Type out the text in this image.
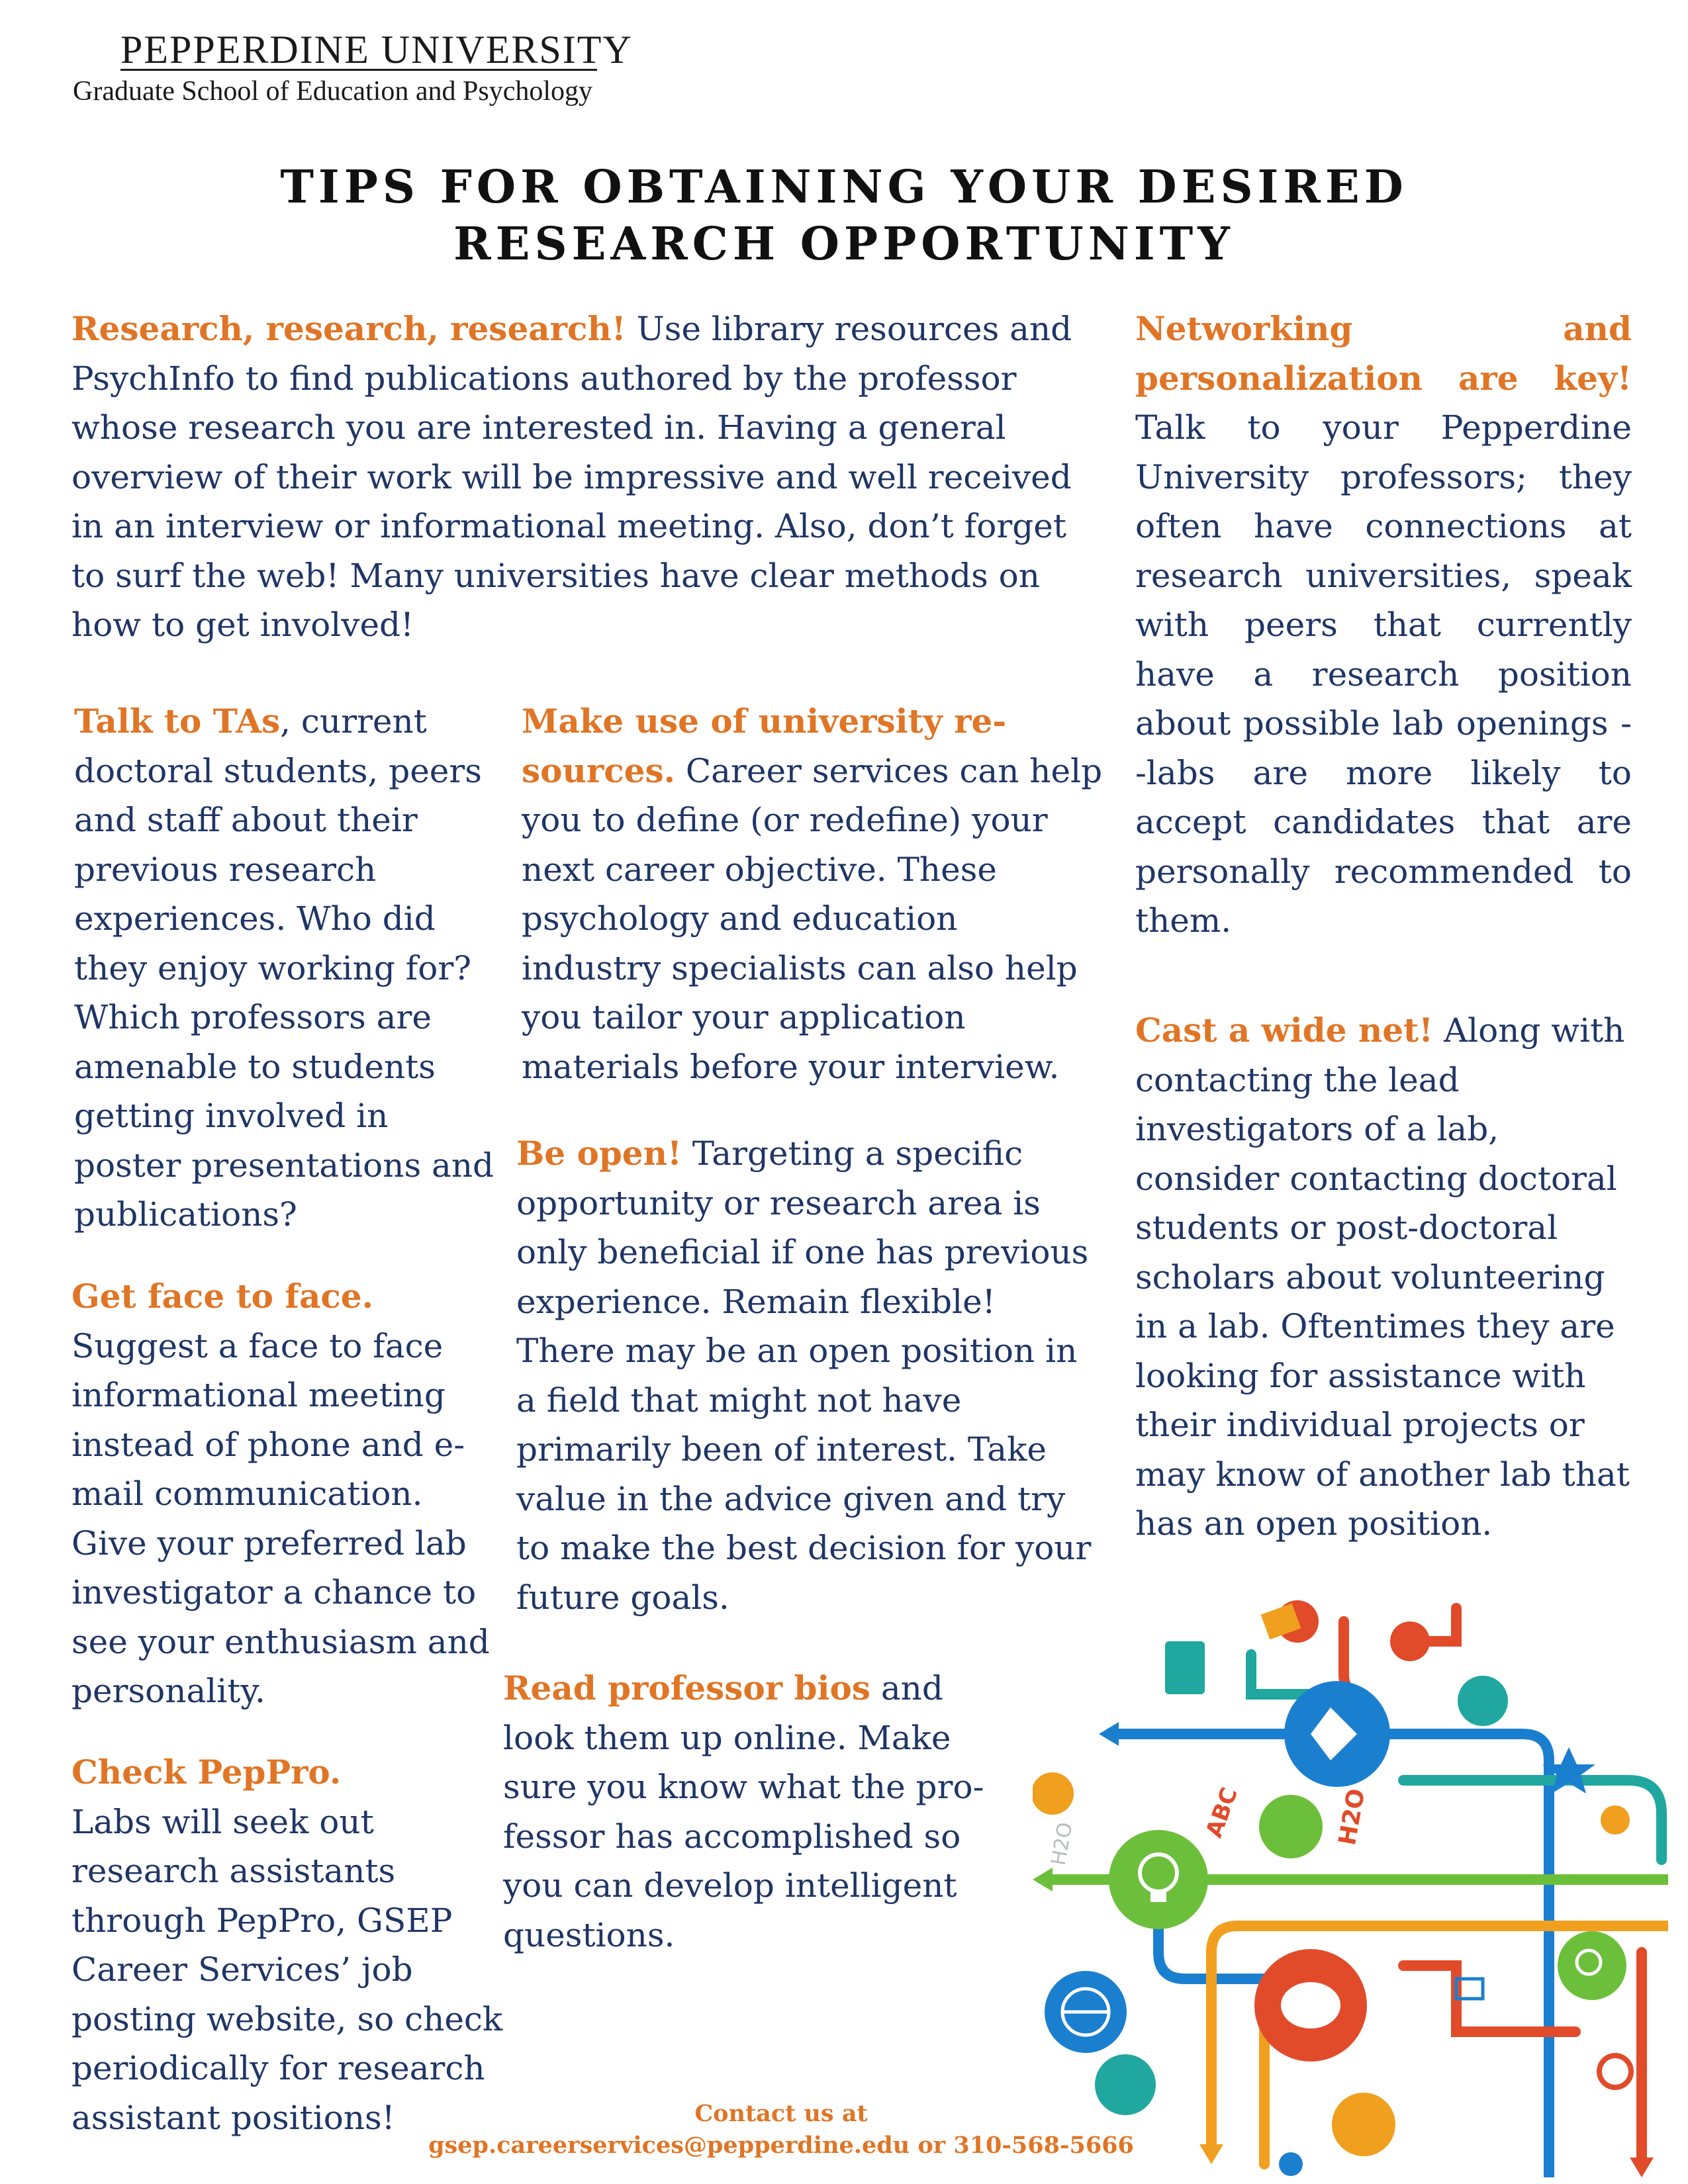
PEPPERDINE UNIVERSITY
Graduate School of Education and Psychology
TIPS FOR OBTAINING YOUR DESIRED
RESEARCH OPPORTUNITY
Research, research, research! Use library resources and PsychInfo to find publications authored by the professor whose research you are interested in. Having a general overview of their work will be impressive and well received in an interview or informational meeting. Also, don’t forget to surf the web! Many universities have clear methods on how to get involved!
Networking and personalization are key! Talk to your Pepperdine University professors; they often have connections at research universities, speak with peers that currently have a research position about possible lab openings --labs are more likely to accept candidates that are personally recommended to them.
Talk to TAs, current doctoral students, peers and staff about their previous research experiences. Who did they enjoy working for? Which professors are amenable to students getting involved in poster presentations and publications?
Make use of university re-sources. Career services can help you to define (or redefine) your next career objective. These psychology and education industry specialists can also help you tailor your application materials before your interview.
Get face to face.
Suggest a face to face informational meeting instead of phone and e-mail communication. Give your preferred lab investigator a chance to see your enthusiasm and personality.
Be open! Targeting a specific opportunity or research area is only beneficial if one has previous experience. Remain flexible! There may be an open position in a field that might not have primarily been of interest. Take value in the advice given and try to make the best decision for your future goals.
Cast a wide net! Along with contacting the lead investigators of a lab, consider contacting doctoral students or post-doctoral scholars about volunteering in a lab. Oftentimes they are looking for assistance with their individual projects or may know of another lab that has an open position.
Check PepPro.
Labs will seek out research assistants through PepPro, GSEP Career Services’ job posting website, so check periodically for research assistant positions!
Read professor bios and look them up online. Make sure you know what the pro-fessor has accomplished so you can develop intelligent questions.
Contact us at
gsep.careerservices@pepperdine.edu or 310-568-5666
ABC	H2O
H2O
